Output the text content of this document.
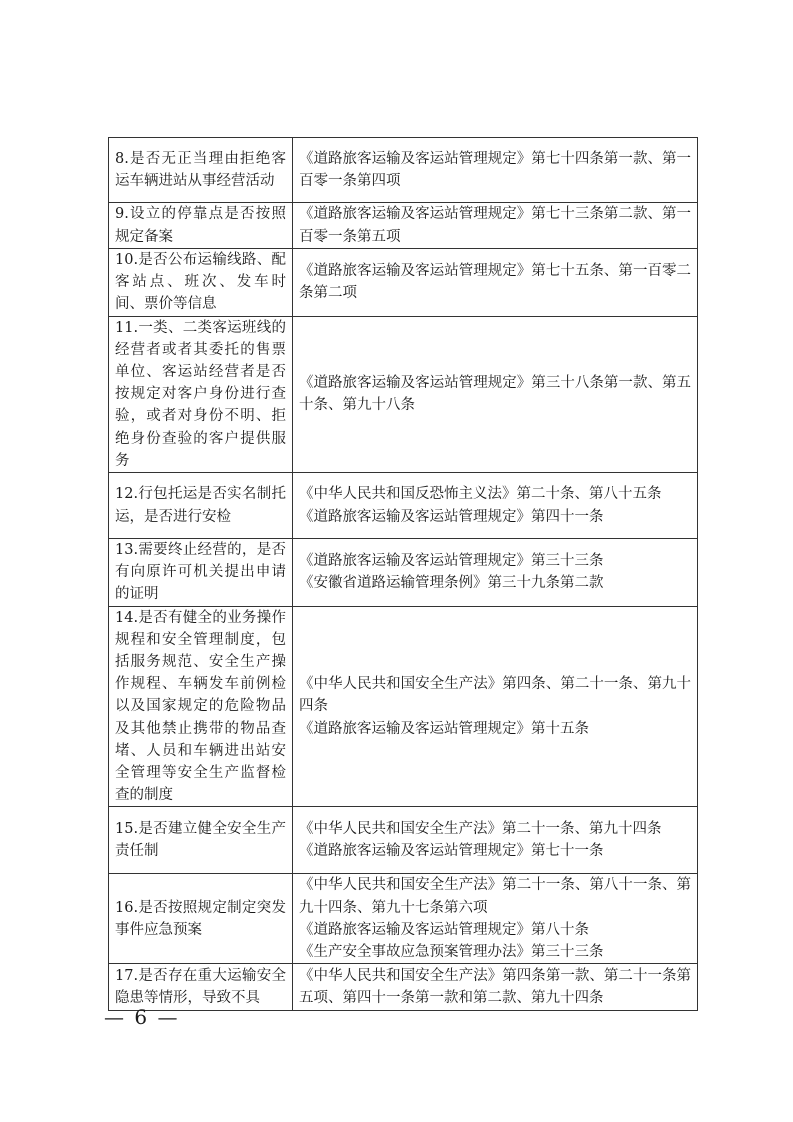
8.是否无正当理由拒绝客运车辆进站从事经营活动	《道路旅客运输及客运站管理规定》第七十四条第一款、第一百零一条第四项

9.设立的停靠点是否按照规定备案	《道路旅客运输及客运站管理规定》第七十三条第二款、第一百零一条第五项

10.是否公布运输线路、配客站点、班次、发车时间、票价等信息	《道路旅客运输及客运站管理规定》第七十五条、第一百零二条第二项

11.一类、二类客运班线的经营者或者其委托的售票单位、客运站经营者是否按规定对客户身份进行查验，或者对身份不明、拒绝身份查验的客户提供服务	《道路旅客运输及客运站管理规定》第三十八条第一款、第五十条、第九十八条

12.行包托运是否实名制托运，是否进行安检	《中华人民共和国反恐怖主义法》第二十条、第八十五条
《道路旅客运输及客运站管理规定》第四十一条

13.需要终止经营的，是否有向原许可机关提出申请的证明	《道路旅客运输及客运站管理规定》第三十三条
《安徽省道路运输管理条例》第三十九条第二款

14.是否有健全的业务操作规程和安全管理制度，包括服务规范、安全生产操作规程、车辆发车前例检以及国家规定的危险物品及其他禁止携带的物品查堵、人员和车辆进出站安全管理等安全生产监督检查的制度	《中华人民共和国安全生产法》第四条、第二十一条、第九十四条
《道路旅客运输及客运站管理规定》第十五条

15.是否建立健全安全生产责任制	《中华人民共和国安全生产法》第二十一条、第九十四条
《道路旅客运输及客运站管理规定》第七十一条

16.是否按照规定制定突发事件应急预案	《中华人民共和国安全生产法》第二十一条、第八十一条、第九十四条、第九十七条第六项
《道路旅客运输及客运站管理规定》第八十条
《生产安全事故应急预案管理办法》第三十三条

17.是否存在重大运输安全隐患等情形，导致不具	《中华人民共和国安全生产法》第四条第一款、第二十一条第五项、第四十一条第一款和第二款、第九十四条
— 6 —
